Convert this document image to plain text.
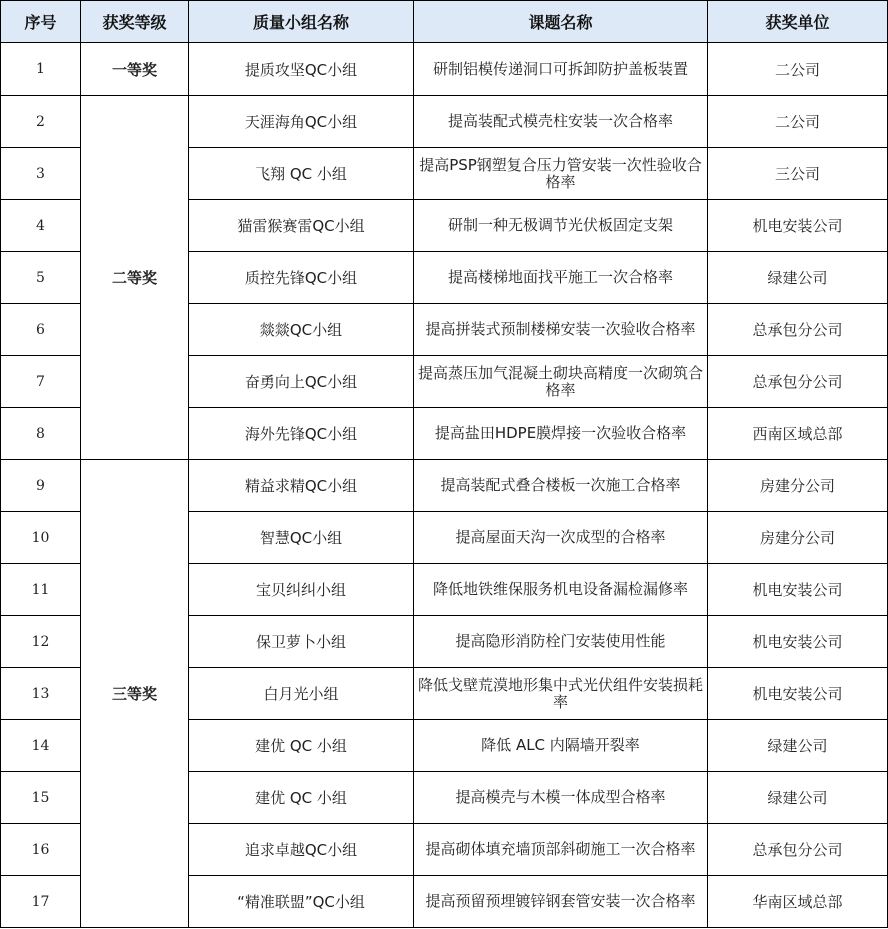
序号	获奖等级	质量小组名称	课题名称	获奖单位
1	一等奖	提质攻坚QC小组	研制铝模传递洞口可拆卸防护盖板装置	二公司
2	二等奖	天涯海角QC小组	提高装配式模壳柱安装一次合格率	二公司
3		飞翔 QC 小组	提高PSP钢塑复合压力管安装一次性验收合格率	三公司
4		猫雷猴赛雷QC小组	研制一种无极调节光伏板固定支架	机电安装公司
5		质控先锋QC小组	提高楼梯地面找平施工一次合格率	绿建公司
6		燚燚QC小组	提高拼装式预制楼梯安装一次验收合格率	总承包分公司
7		奋勇向上QC小组	提高蒸压加气混凝土砌块高精度一次砌筑合格率	总承包分公司
8		海外先锋QC小组	提高盐田HDPE膜焊接一次验收合格率	西南区域总部
9	三等奖	精益求精QC小组	提高装配式叠合楼板一次施工合格率	房建分公司
10		智慧QC小组	提高屋面天沟一次成型的合格率	房建分公司
11		宝贝纠纠小组	降低地铁维保服务机电设备漏检漏修率	机电安装公司
12		保卫萝卜小组	提高隐形消防栓门安装使用性能	机电安装公司
13		白月光小组	降低戈壁荒漠地形集中式光伏组件安装损耗率	机电安装公司
14		建优 QC 小组	降低 ALC 内隔墙开裂率	绿建公司
15		建优 QC 小组	提高模壳与木模一体成型合格率	绿建公司
16		追求卓越QC小组	提高砌体填充墙顶部斜砌施工一次合格率	总承包分公司
17		“精准联盟”QC小组	提高预留预埋镀锌钢套管安装一次合格率	华南区域总部
